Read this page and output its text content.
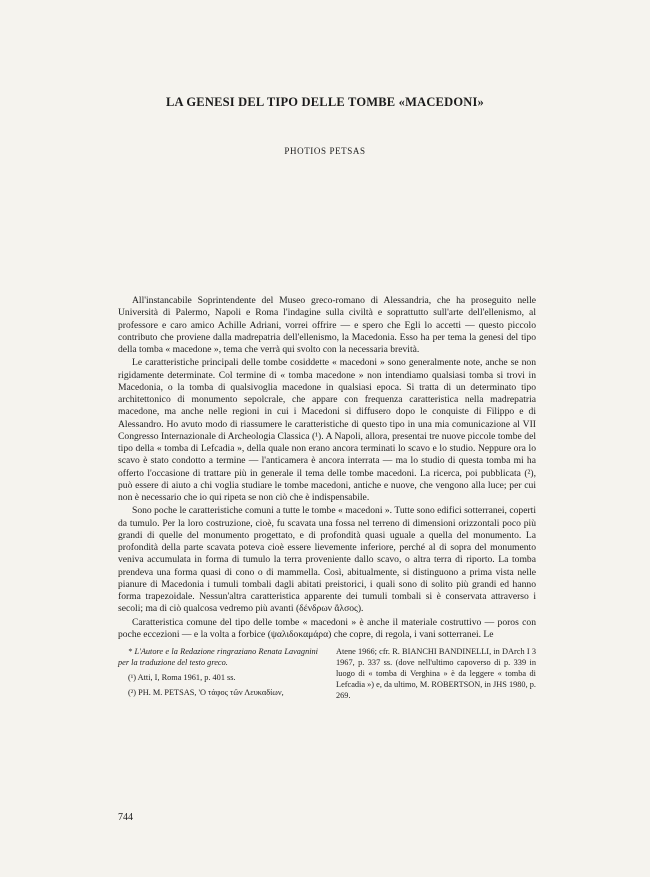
LA GENESI DEL TIPO DELLE TOMBE «MACEDONI»
PHOTIOS PETSAS

All'instancabile Soprintendente del Museo greco-romano di Alessandria, che ha proseguito nelle Università di Palermo, Napoli e Roma l'indagine sulla civiltà e soprattutto sull'arte dell'ellenismo, al professore e caro amico Achille Adriani, vorrei offrire — e spero che Egli lo accetti — questo piccolo contributo che proviene dalla madrepatria dell'ellenismo, la Macedonia. Esso ha per tema la genesi del tipo della tomba « macedone », tema che verrà qui svolto con la necessaria brevità.

Le caratteristiche principali delle tombe cosiddette « macedoni » sono generalmente note, anche se non rigidamente determinate. Col termine di « tomba macedone » non intendiamo qualsiasi tomba si trovi in Macedonia, o la tomba di qualsivoglia macedone in qualsiasi epoca. Si tratta di un determinato tipo architettonico di monumento sepolcrale, che appare con frequenza caratteristica nella madrepatria macedone, ma anche nelle regioni in cui i Macedoni si diffusero dopo le conquiste di Filippo e di Alessandro. Ho avuto modo di riassumere le caratteristiche di questo tipo in una mia comunicazione al VII Congresso Internazionale di Archeologia Classica (¹). A Napoli, allora, presentai tre nuove piccole tombe del tipo della « tomba di Lefcadia », della quale non erano ancora terminati lo scavo e lo studio. Neppure ora lo scavo è stato condotto a termine — l'anticamera è ancora interrata — ma lo studio di questa tomba mi ha offerto l'occasione di trattare più in generale il tema delle tombe macedoni. La ricerca, poi pubblicata (²), può essere di aiuto a chi voglia studiare le tombe macedoni, antiche e nuove, che vengono alla luce; per cui non è necessario che io qui ripeta se non ciò che è indispensabile.

Sono poche le caratteristiche comuni a tutte le tombe « macedoni ». Tutte sono edifici sotterranei, coperti da tumulo. Per la loro costruzione, cioè, fu scavata una fossa nel terreno di dimensioni orizzontali poco più grandi di quelle del monumento progettato, e di profondità quasi uguale a quella del monumento. La profondità della parte scavata poteva cioè essere lievemente inferiore, perché al di sopra del monumento veniva accumulata in forma di tumulo la terra proveniente dallo scavo, o altra terra di riporto. La tomba prendeva una forma quasi di cono o di mammella. Così, abitualmente, si distinguono a prima vista nelle pianure di Macedonia i tumuli tombali dagli abitati preistorici, i quali sono di solito più grandi ed hanno forma trapezoidale. Nessun'altra caratteristica apparente dei tumuli tombali si è conservata attraverso i secoli; ma di ciò qualcosa vedremo più avanti (δένδρων ἄλσος).

Caratteristica comune del tipo delle tombe « macedoni » è anche il materiale costruttivo — poros con poche eccezioni — e la volta a forbice (ψαλιδοκαμάρα) che copre, di regola, i vani sotterranei. Le

* L'Autore e la Redazione ringraziano Renata Lavagnini per la traduzione del testo greco.

(¹) Atti, I, Roma 1961, p. 401 ss.

(²) PH. M. PETSAS, 'Ο τάφος τῶν Λευκαδίων,

Atene 1966; cfr. R. BIANCHI BANDINELLI, in DArch I 3 1967, p. 337 ss. (dove nell'ultimo capoverso di p. 339 in luogo di « tomba di Verghina » è da leggere « tomba di Lefcadia ») e, da ultimo, M. ROBERTSON, in JHS 1980, p. 269.

744
